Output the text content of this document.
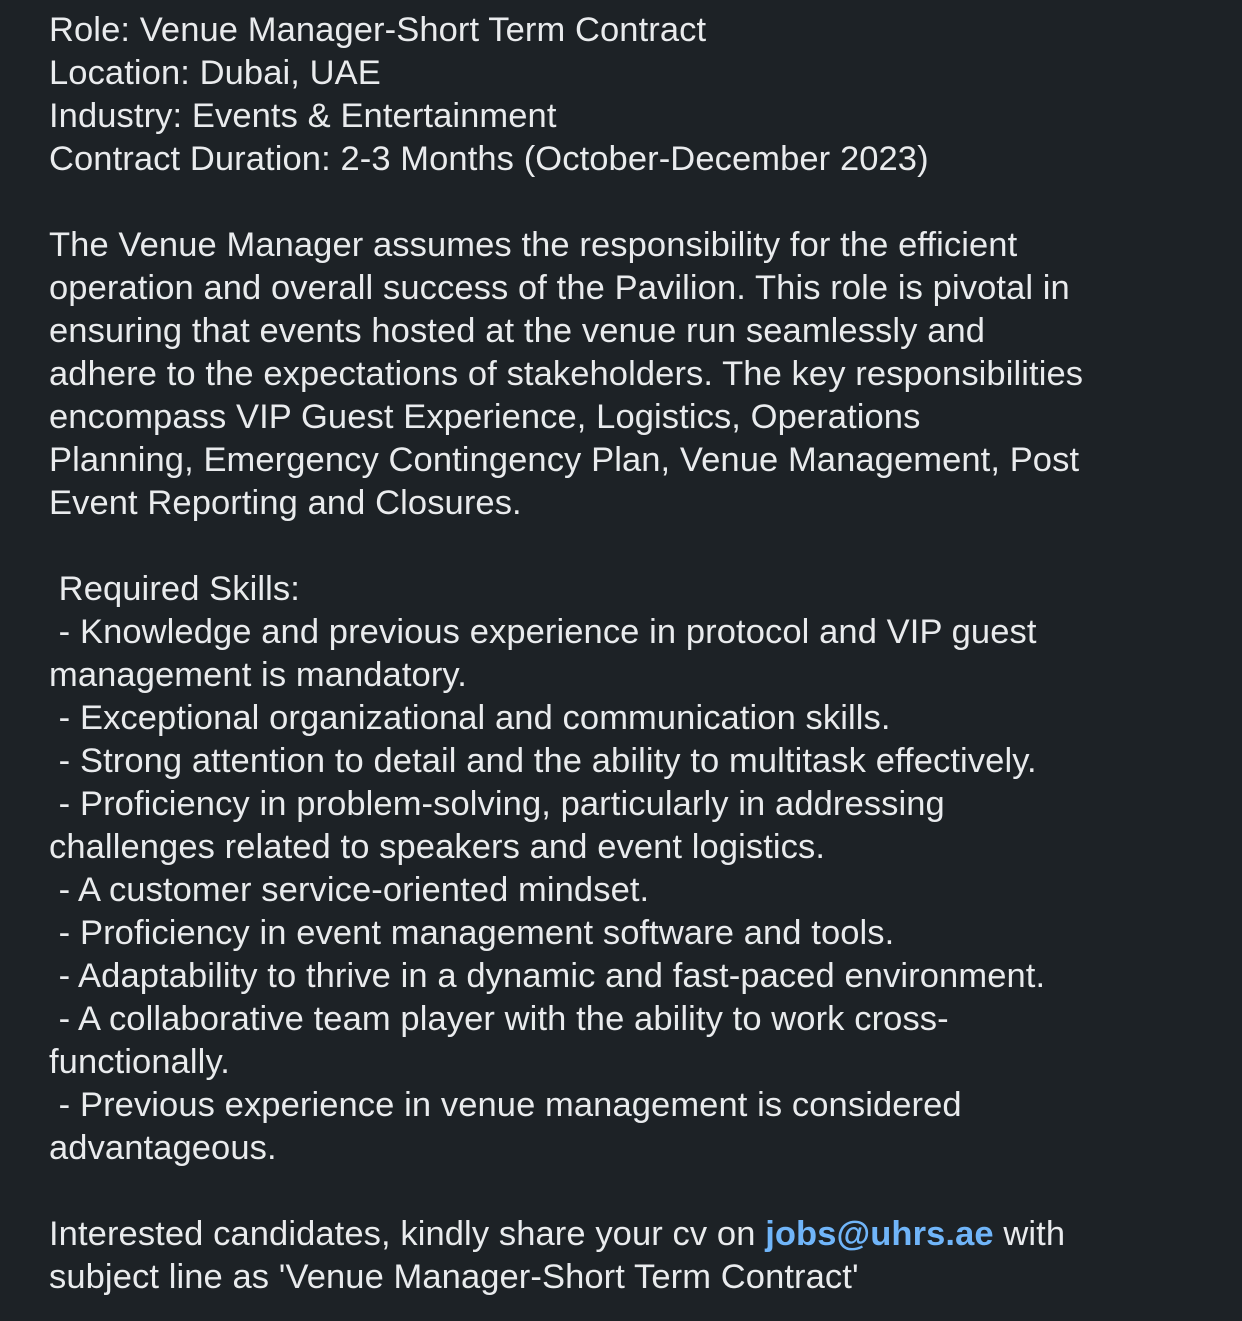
Role: Venue Manager-Short Term Contract
Location: Dubai, UAE
Industry: Events & Entertainment
Contract Duration: 2-3 Months (October-December 2023)
The Venue Manager assumes the responsibility for the efficient
operation and overall success of the Pavilion. This role is pivotal in
ensuring that events hosted at the venue run seamlessly and
adhere to the expectations of stakeholders. The key responsibilities
encompass VIP Guest Experience, Logistics, Operations
Planning, Emergency Contingency Plan, Venue Management, Post
Event Reporting and Closures.
Required Skills:
- Knowledge and previous experience in protocol and VIP guest
management is mandatory.
- Exceptional organizational and communication skills.
- Strong attention to detail and the ability to multitask effectively.
- Proficiency in problem-solving, particularly in addressing
challenges related to speakers and event logistics.
- A customer service-oriented mindset.
- Proficiency in event management software and tools.
- Adaptability to thrive in a dynamic and fast-paced environment.
- A collaborative team player with the ability to work cross-
functionally.
- Previous experience in venue management is considered
advantageous.
Interested candidates, kindly share your cv on jobs@uhrs.ae with
subject line as 'Venue Manager-Short Term Contract'
